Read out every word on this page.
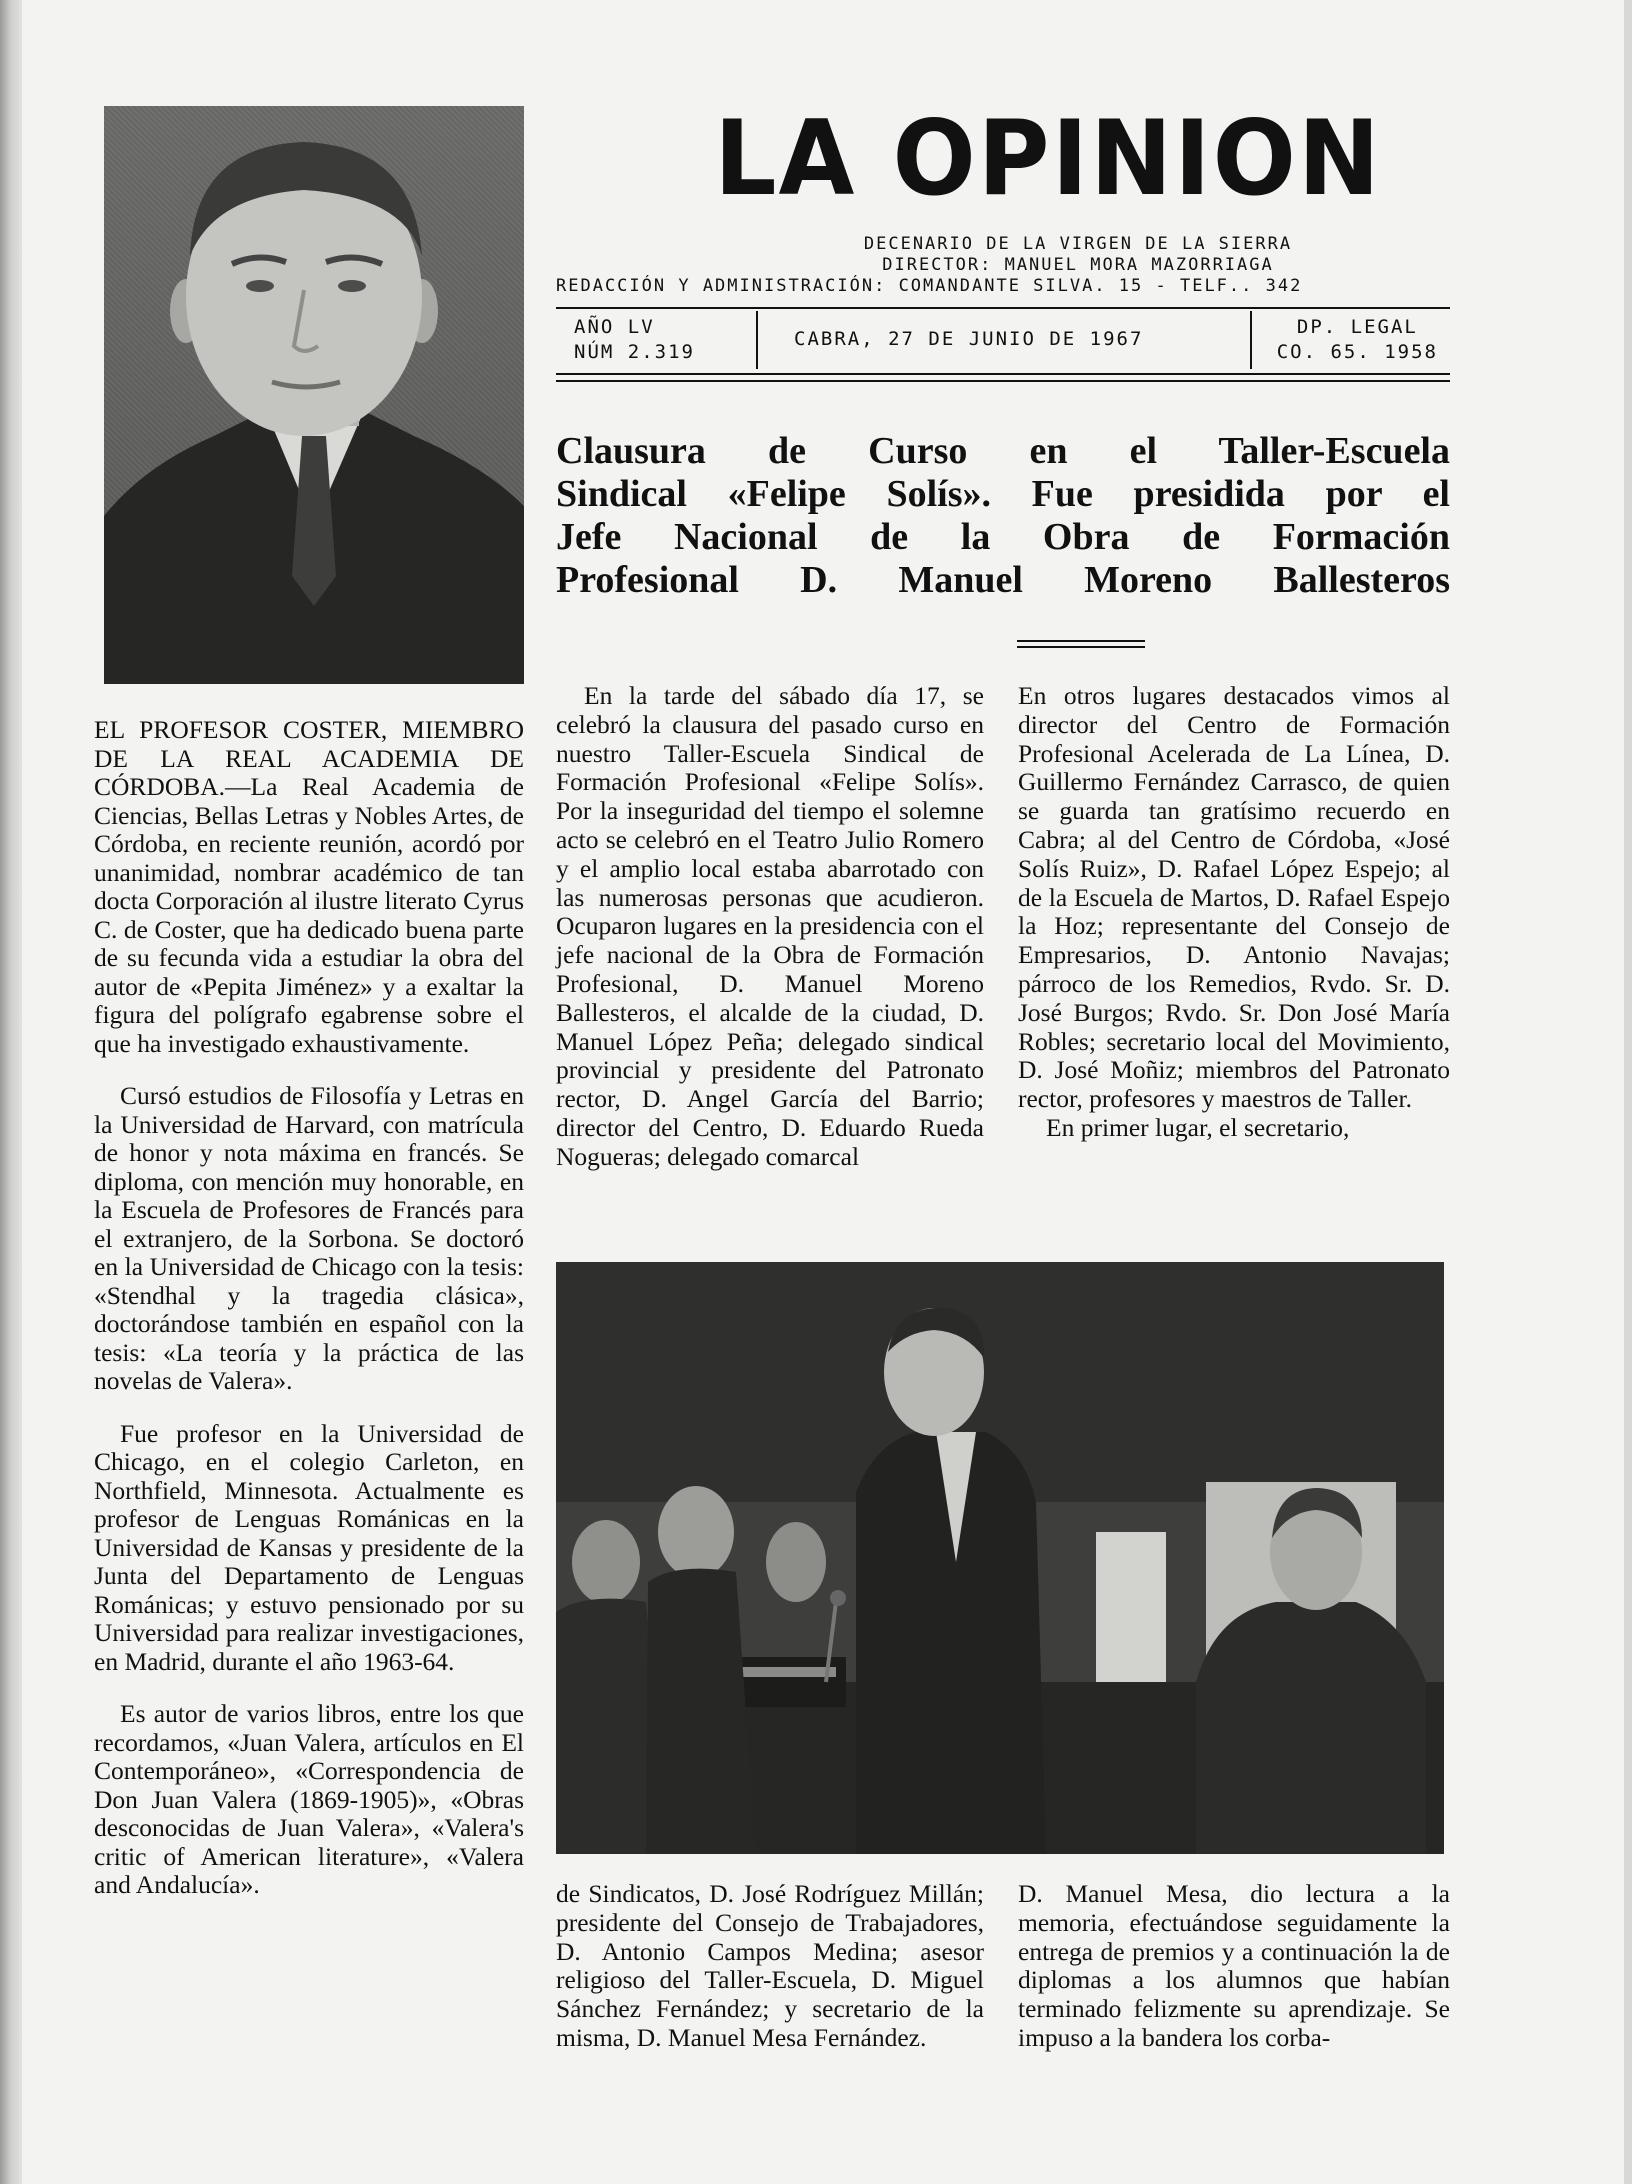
EL PROFESOR COSTER, MIEMBRO DE LA REAL ACADEMIA DE CÓRDOBA.—La Real Academia de Ciencias, Bellas Letras y Nobles Artes, de Córdoba, en reciente reunión, acordó por unanimidad, nombrar académico de tan docta Corporación al ilustre literato Cyrus C. de Coster, que ha dedicado buena parte de su fecunda vida a estudiar la obra del autor de «Pepita Jiménez» y a exaltar la figura del polígrafo egabrense sobre el que ha investigado exhaustivamente.

Cursó estudios de Filosofía y Letras en la Universidad de Harvard, con matrícula de honor y nota máxima en francés. Se diploma, con mención muy honorable, en la Escuela de Profesores de Francés para el extranjero, de la Sorbona. Se doctoró en la Universidad de Chicago con la tesis: «Stendhal y la tragedia clásica», doctorándose también en español con la tesis: «La teoría y la práctica de las novelas de Valera».

Fue profesor en la Universidad de Chicago, en el colegio Carleton, en Northfield, Minnesota. Actualmente es profesor de Lenguas Románicas en la Universidad de Kansas y presidente de la Junta del Departamento de Lenguas Románicas; y estuvo pensionado por su Universidad para realizar investigaciones, en Madrid, durante el año 1963-64.

Es autor de varios libros, entre los que recordamos, «Juan Valera, artículos en El Contemporáneo», «Correspondencia de Don Juan Valera (1869-1905)», «Obras desconocidas de Juan Valera», «Valera's critic of American literature», «Valera and Andalucía».

LA OPINION
DECENARIO DE LA VIRGEN DE LA SIERRA
DIRECTOR: MANUEL MORA MAZORRIAGA
REDACCIÓN Y ADMINISTRACIÓN: COMANDANTE SILVA. 15 - TELF.. 342
AÑO LV
NÚM 2.319
CABRA, 27 DE JUNIO DE 1967
DP. LEGAL
CO. 65. 1958
Clausura de Curso en el Taller-Escuela
Sindical «Felipe Solís». Fue presidida por el
Jefe Nacional de la Obra de Formación
Profesional D. Manuel Moreno Ballesteros

En la tarde del sábado día 17, se celebró la clausura del pasado curso en nuestro Taller-Escuela Sindical de Formación Profesional «Felipe Solís». Por la inseguridad del tiempo el solemne acto se celebró en el Teatro Julio Romero y el amplio local estaba abarrotado con las numerosas personas que acudieron. Ocuparon lugares en la presidencia con el jefe nacional de la Obra de Formación Profesional, D. Manuel Moreno Ballesteros, el alcalde de la ciudad, D. Manuel López Peña; delegado sindical provincial y presidente del Patronato rector, D. Angel García del Barrio; director del Centro, D. Eduardo Rueda Nogueras; delegado comarcal

En otros lugares destacados vimos al director del Centro de Formación Profesional Acelerada de La Línea, D. Guillermo Fernández Carrasco, de quien se guarda tan gratísimo recuerdo en Cabra; al del Centro de Córdoba, «José Solís Ruiz», D. Rafael López Espejo; al de la Escuela de Martos, D. Rafael Espejo la Hoz; representante del Consejo de Empresarios, D. Antonio Navajas; párroco de los Remedios, Rvdo. Sr. D. José Burgos; Rvdo. Sr. Don José María Robles; secretario local del Movimiento, D. José Moñiz; miembros del Patronato rector, profesores y maestros de Taller.

En primer lugar, el secretario,

de Sindicatos, D. José Rodríguez Millán; presidente del Consejo de Trabajadores, D. Antonio Campos Medina; asesor religioso del Taller-Escuela, D. Miguel Sánchez Fernández; y secretario de la misma, D. Manuel Mesa Fernández.

D. Manuel Mesa, dio lectura a la memoria, efectuándose seguidamente la entrega de premios y a continuación la de diplomas a los alumnos que habían terminado felizmente su aprendizaje. Se impuso a la bandera los corba-
